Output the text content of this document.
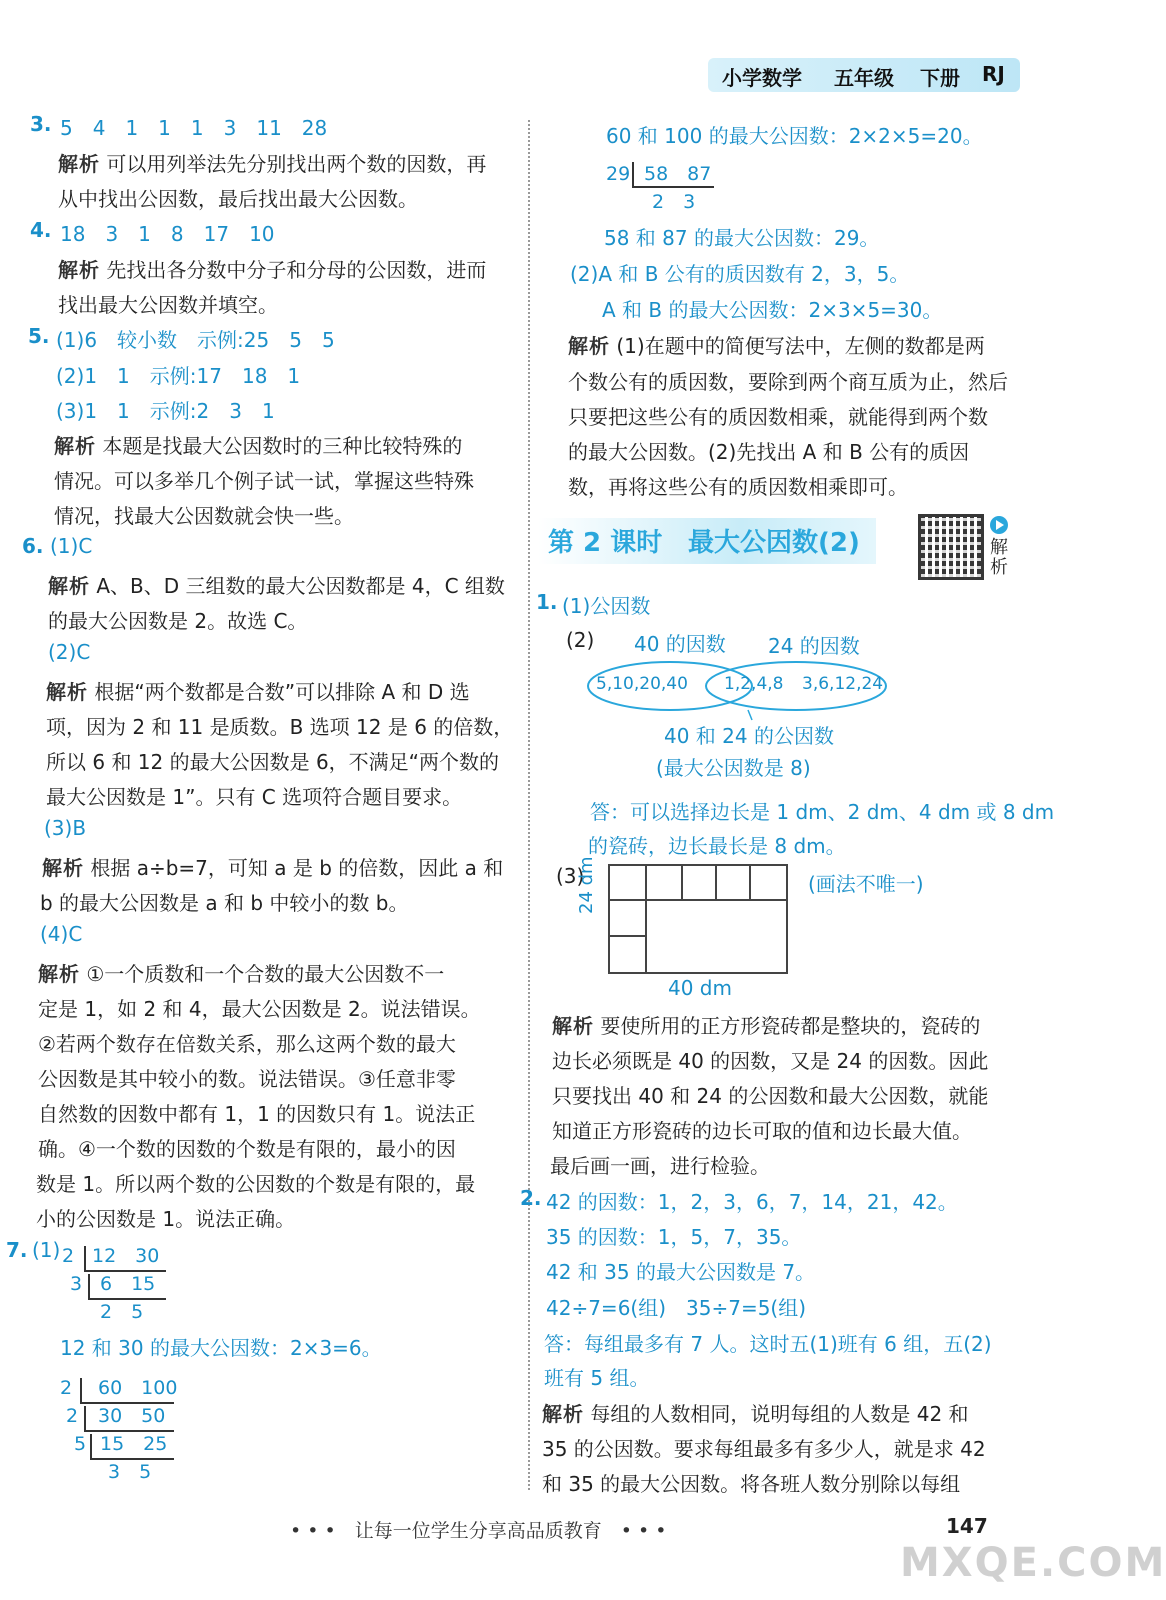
小学数学 五年级 下册 RJ
3. 5　4　1　1　1　3　11　28
解析 可以用列举法先分别找出两个数的因数，再
从中找出公因数，最后找出最大公因数。
4. 18　3　1　8　17　10
解析 先找出各分数中分子和分母的公因数，进而
找出最大公因数并填空。
5. (1)6　较小数　示例:25　5　5
(2)1　1　示例:17　18　1
(3)1　1　示例:2　3　1
解析 本题是找最大公因数时的三种比较特殊的
情况。可以多举几个例子试一试，掌握这些特殊
情况，找最大公因数就会快一些。
6. (1)C
解析 A、B、D 三组数的最大公因数都是 4，C 组数
的最大公因数是 2。故选 C。
(2)C
解析 根据“两个数都是合数”可以排除 A 和 D 选
项，因为 2 和 11 是质数。B 选项 12 是 6 的倍数，
所以 6 和 12 的最大公因数是 6，不满足“两个数的
最大公因数是 1”。只有 C 选项符合题目要求。
(3)B
解析 根据 a÷b=7，可知 a 是 b 的倍数，因此 a 和
b 的最大公因数是 a 和 b 中较小的数 b。
(4)C
解析 ①一个质数和一个合数的最大公因数不一
定是 1，如 2 和 4，最大公因数是 2。说法错误。
②若两个数存在倍数关系，那么这两个数的最大
公因数是其中较小的数。说法错误。③任意非零
自然数的因数中都有 1，1 的因数只有 1。说法正
确。④一个数的因数的个数是有限的，最小的因
数是 1。所以两个数的公因数的个数是有限的，最
小的公因数是 1。说法正确。
7. (1) 2 12　30
3 6　15
2　5
12 和 30 的最大公因数：2×3=6。
2 60　100
2 30　50
5 15　25
3　5
60 和 100 的最大公因数：2×2×5=20。
29 58　87
2　3
58 和 87 的最大公因数：29。
(2)A 和 B 公有的质因数有 2，3，5。
A 和 B 的最大公因数：2×3×5=30。
解析 (1)在题中的简便写法中，左侧的数都是两
个数公有的质因数，要除到两个商互质为止，然后
只要把这些公有的质因数相乘，就能得到两个数
的最大公因数。(2)先找出 A 和 B 公有的质因
数，再将这些公有的质因数相乘即可。
第 2 课时 最大公因数(2)	解
析
1. (1)公因数
(2) 40 的因数 24 的因数
5,10,20,40 1,2,4,8 3,6,12,24
40 和 24 的公因数
(最大公因数是 8)
答：可以选择边长是 1 dm、2 dm、4 dm 或 8 dm
的瓷砖，边长最长是 8 dm。
(3)
24 dm
40 dm
(画法不唯一)
解析 要使所用的正方形瓷砖都是整块的，瓷砖的
边长必须既是 40 的因数，又是 24 的因数。因此
只要找出 40 和 24 的公因数和最大公因数，就能
知道正方形瓷砖的边长可取的值和边长最大值。
最后画一画，进行检验。
2. 42 的因数：1，2，3，6，7，14，21，42。
35 的因数：1，5，7，35。
42 和 35 的最大公因数是 7。
42÷7=6(组)　35÷7=5(组)
答：每组最多有 7 人。这时五(1)班有 6 组，五(2)
班有 5 组。
解析 每组的人数相同，说明每组的人数是 42 和
35 的公因数。要求每组最多有多少人，就是求 42
和 35 的最大公因数。将各班人数分别除以每组
• • •　让每一位学生分享高品质教育　• • •	147
MXQE.COM
